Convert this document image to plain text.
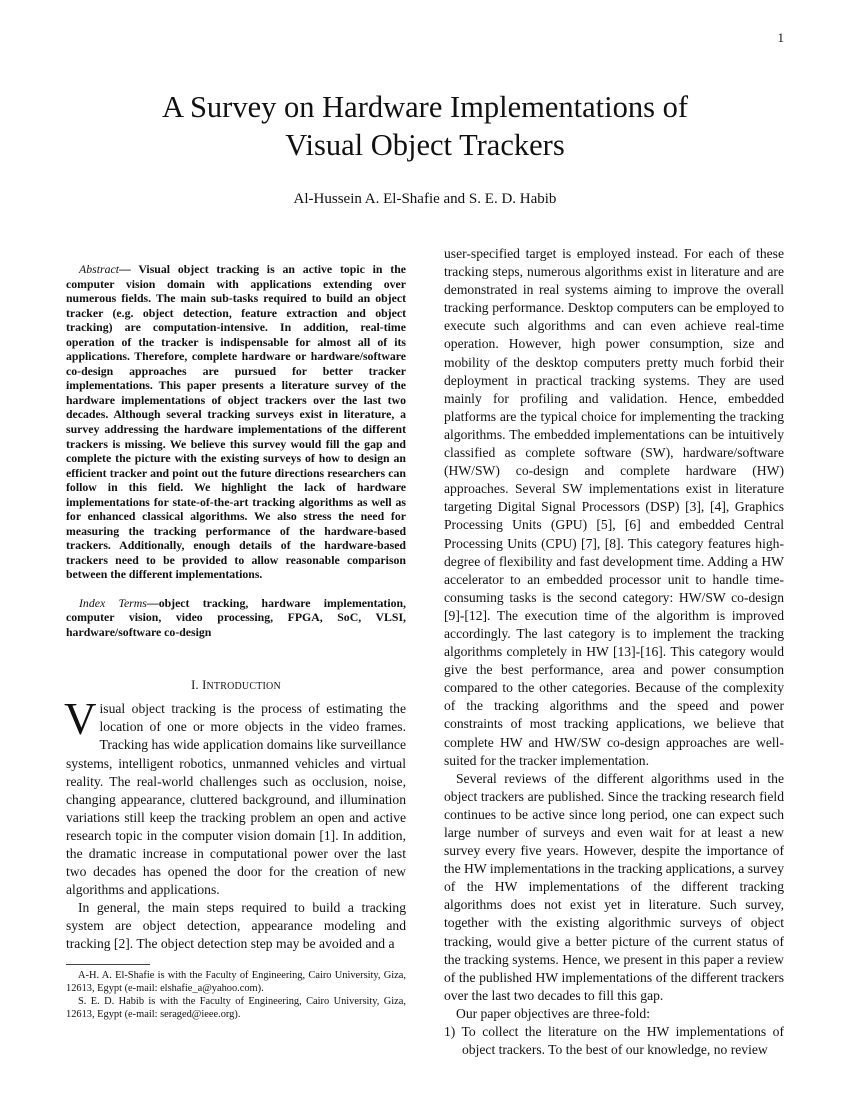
1
A Survey on Hardware Implementations of
Visual Object Trackers
Al-Hussein A. El-Shafie and S. E. D. Habib

Abstract— Visual object tracking is an active topic in the computer vision domain with applications extending over numerous fields. The main sub-tasks required to build an object tracker (e.g. object detection, feature extraction and object tracking) are computation-intensive. In addition, real-time operation of the tracker is indispensable for almost all of its applications. Therefore, complete hardware or hardware/software co-design approaches are pursued for better tracker implementations. This paper presents a literature survey of the hardware implementations of object trackers over the last two decades. Although several tracking surveys exist in literature, a survey addressing the hardware implementations of the different trackers is missing. We believe this survey would fill the gap and complete the picture with the existing surveys of how to design an efficient tracker and point out the future directions researchers can follow in this field. We highlight the lack of hardware implementations for state-of-the-art tracking algorithms as well as for enhanced classical algorithms. We also stress the need for measuring the tracking performance of the hardware-based trackers. Additionally, enough details of the hardware-based trackers need to be provided to allow reasonable comparison between the different implementations.

Index Terms—object tracking, hardware implementation, computer vision, video processing, FPGA, SoC, VLSI, hardware/software co-design

I. INTRODUCTION

Visual object tracking is the process of estimating the location of one or more objects in the video frames. Tracking has wide application domains like surveillance systems, intelligent robotics, unmanned vehicles and virtual reality. The real-world challenges such as occlusion, noise, changing appearance, cluttered background, and illumination variations still keep the tracking problem an open and active research topic in the computer vision domain [1]. In addition, the dramatic increase in computational power over the last two decades has opened the door for the creation of new algorithms and applications.

In general, the main steps required to build a tracking system are object detection, appearance modeling and tracking [2]. The object detection step may be avoided and a

A-H. A. El-Shafie is with the Faculty of Engineering, Cairo University, Giza, 12613, Egypt (e-mail: elshafie_a@yahoo.com).

S. E. D. Habib is with the Faculty of Engineering, Cairo University, Giza, 12613, Egypt (e-mail: seraged@ieee.org).

user-specified target is employed instead. For each of these tracking steps, numerous algorithms exist in literature and are demonstrated in real systems aiming to improve the overall tracking performance. Desktop computers can be employed to execute such algorithms and can even achieve real-time operation. However, high power consumption, size and mobility of the desktop computers pretty much forbid their deployment in practical tracking systems. They are used mainly for profiling and validation. Hence, embedded platforms are the typical choice for implementing the tracking algorithms. The embedded implementations can be intuitively classified as complete software (SW), hardware/software (HW/SW) co-design and complete hardware (HW) approaches. Several SW implementations exist in literature targeting Digital Signal Processors (DSP) [3], [4], Graphics Processing Units (GPU) [5], [6] and embedded Central Processing Units (CPU) [7], [8]. This category features high-degree of flexibility and fast development time. Adding a HW accelerator to an embedded processor unit to handle time-consuming tasks is the second category: HW/SW co-design [9]-[12]. The execution time of the algorithm is improved accordingly. The last category is to implement the tracking algorithms completely in HW [13]-[16]. This category would give the best performance, area and power consumption compared to the other categories. Because of the complexity of the tracking algorithms and the speed and power constraints of most tracking applications, we believe that complete HW and HW/SW co-design approaches are well-suited for the tracker implementation.

Several reviews of the different algorithms used in the object trackers are published. Since the tracking research field continues to be active since long period, one can expect such large number of surveys and even wait for at least a new survey every five years. However, despite the importance of the HW implementations in the tracking applications, a survey of the HW implementations of the different tracking algorithms does not exist yet in literature. Such survey, together with the existing algorithmic surveys of object tracking, would give a better picture of the current status of the tracking systems. Hence, we present in this paper a review of the published HW implementations of the different trackers over the last two decades to fill this gap.

Our paper objectives are three-fold:

1) To collect the literature on the HW implementations of object trackers. To the best of our knowledge, no review
